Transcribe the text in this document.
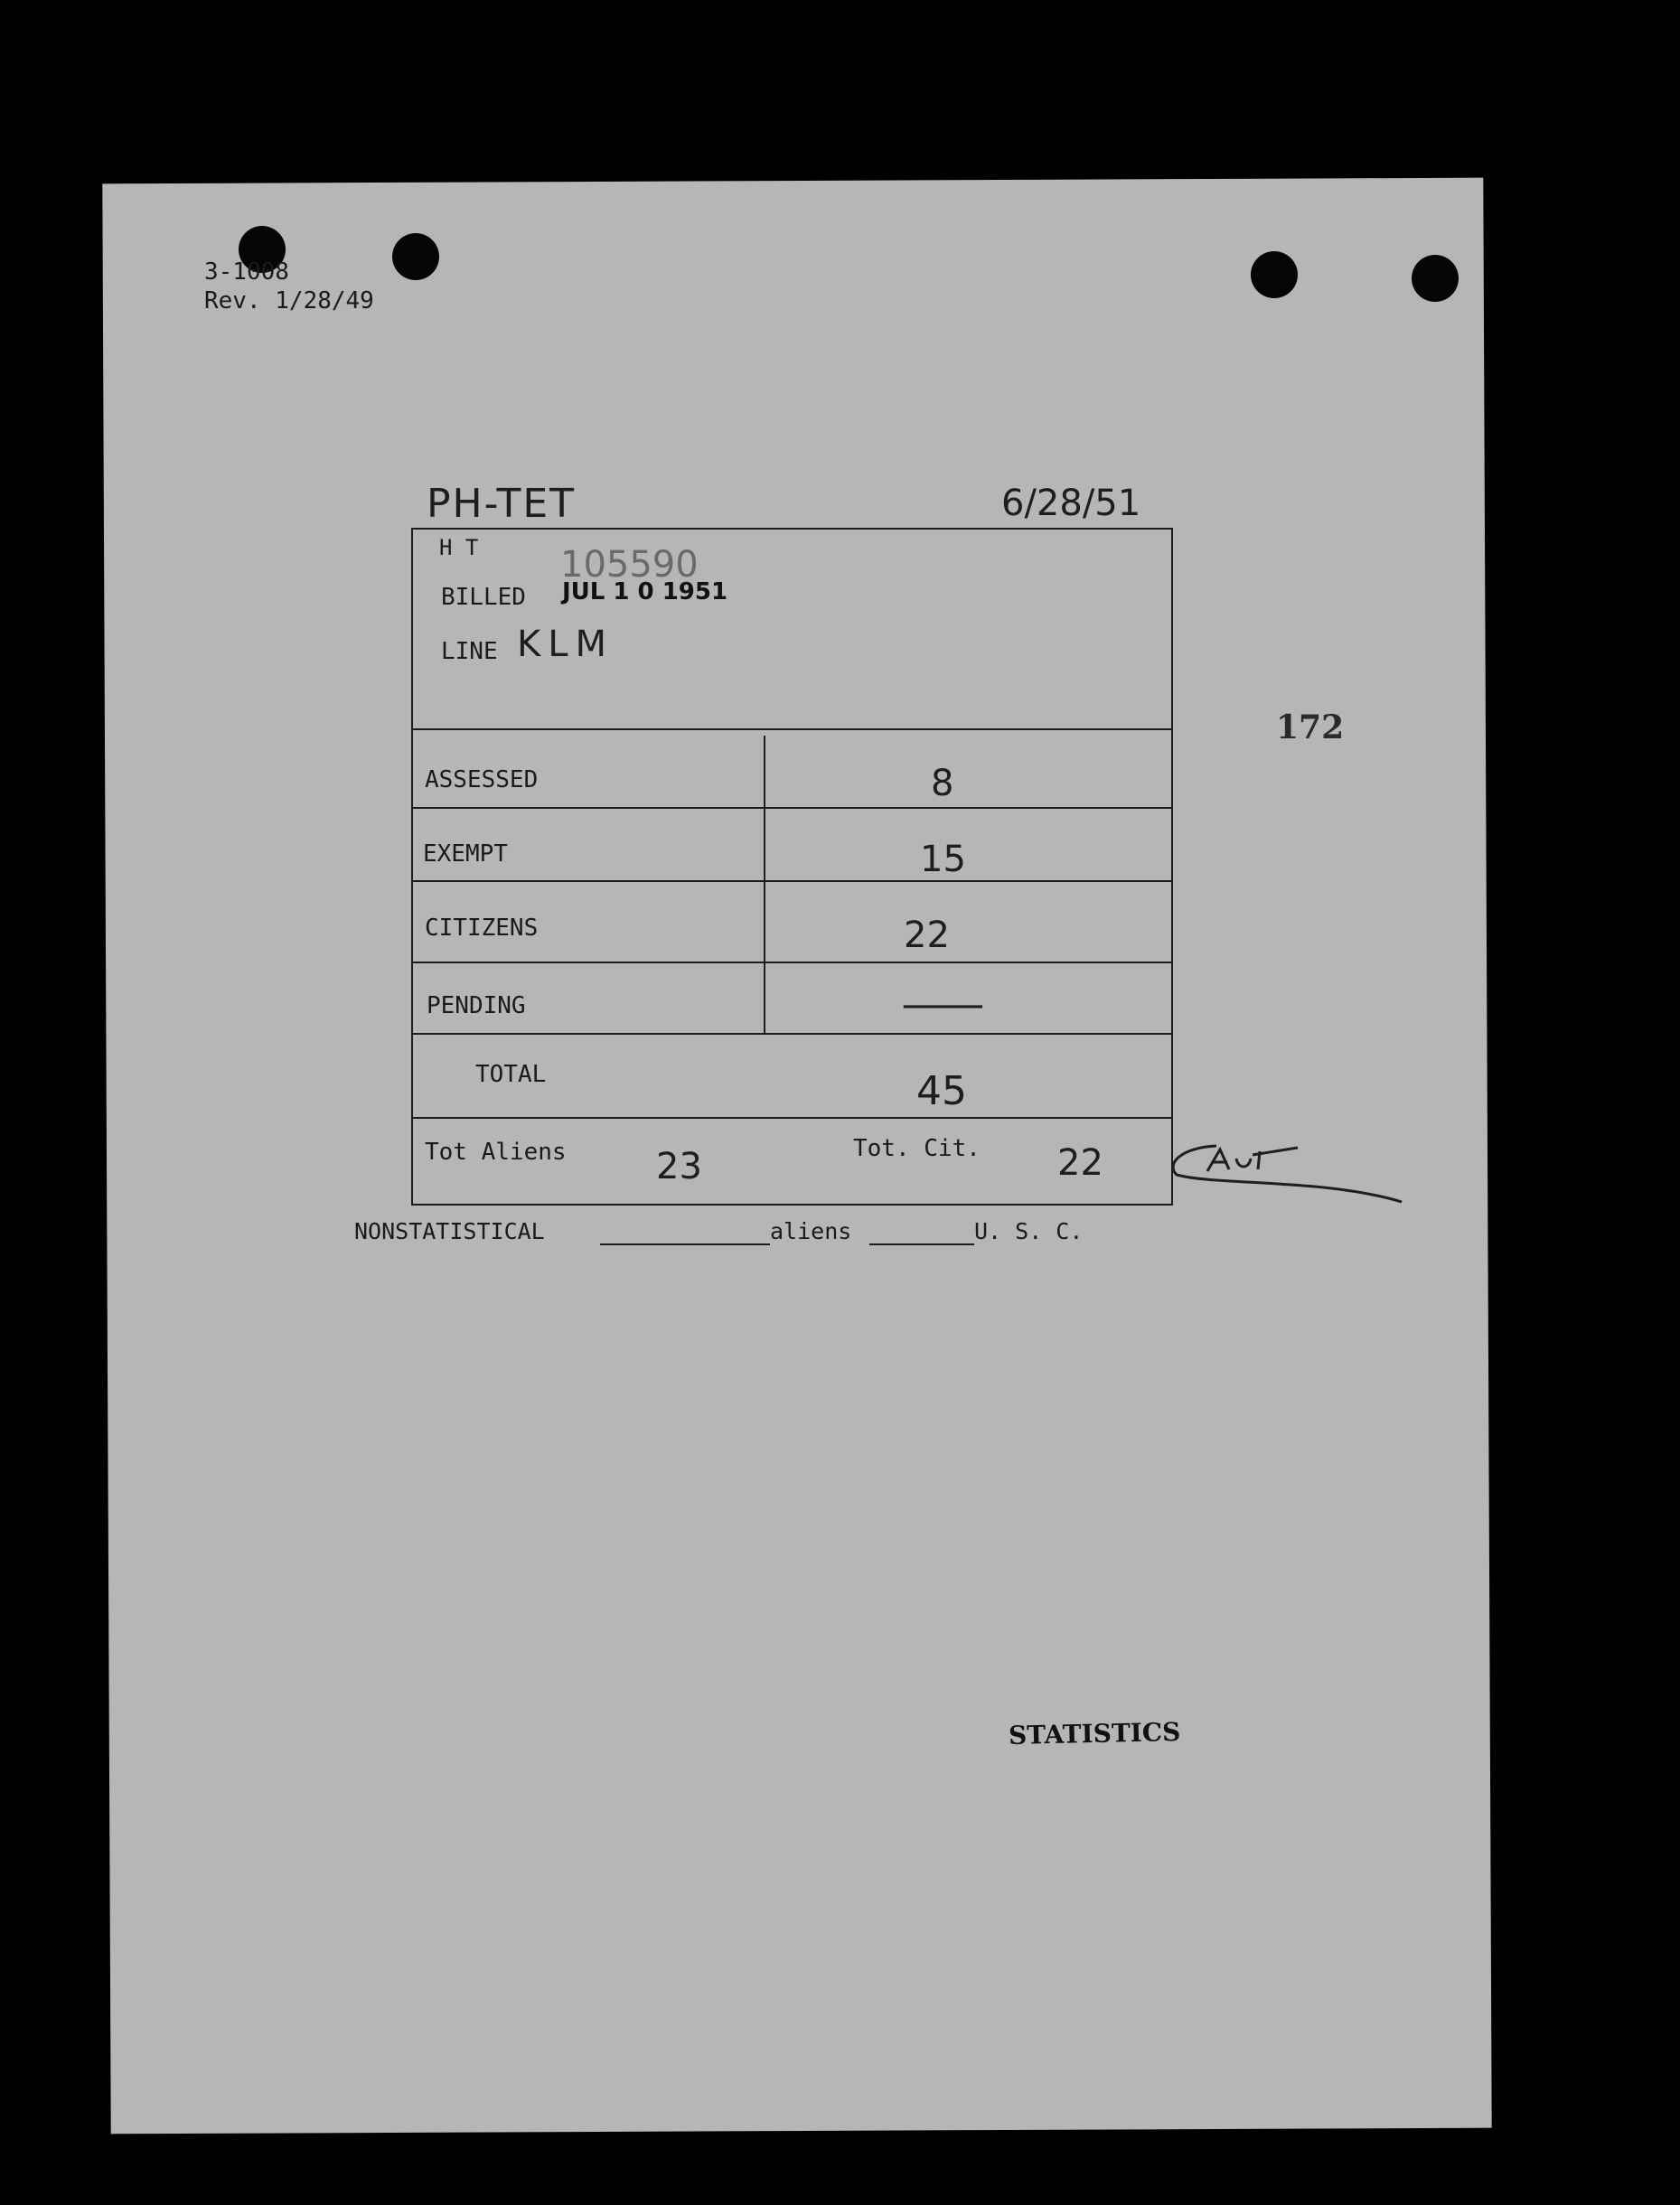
3-1008
Rev. 1/28/49
PH-TET	6/28/51
172
H T 105590
BILLED JUL 1 0 1951
LINE KLM
ASSESSED	8
EXEMPT	15
CITIZENS	22
PENDING	—
TOTAL	45
Tot Aliens 23	Tot. Cit. 22
NONSTATISTICAL	aliens	U. S. C.
STATISTICS
